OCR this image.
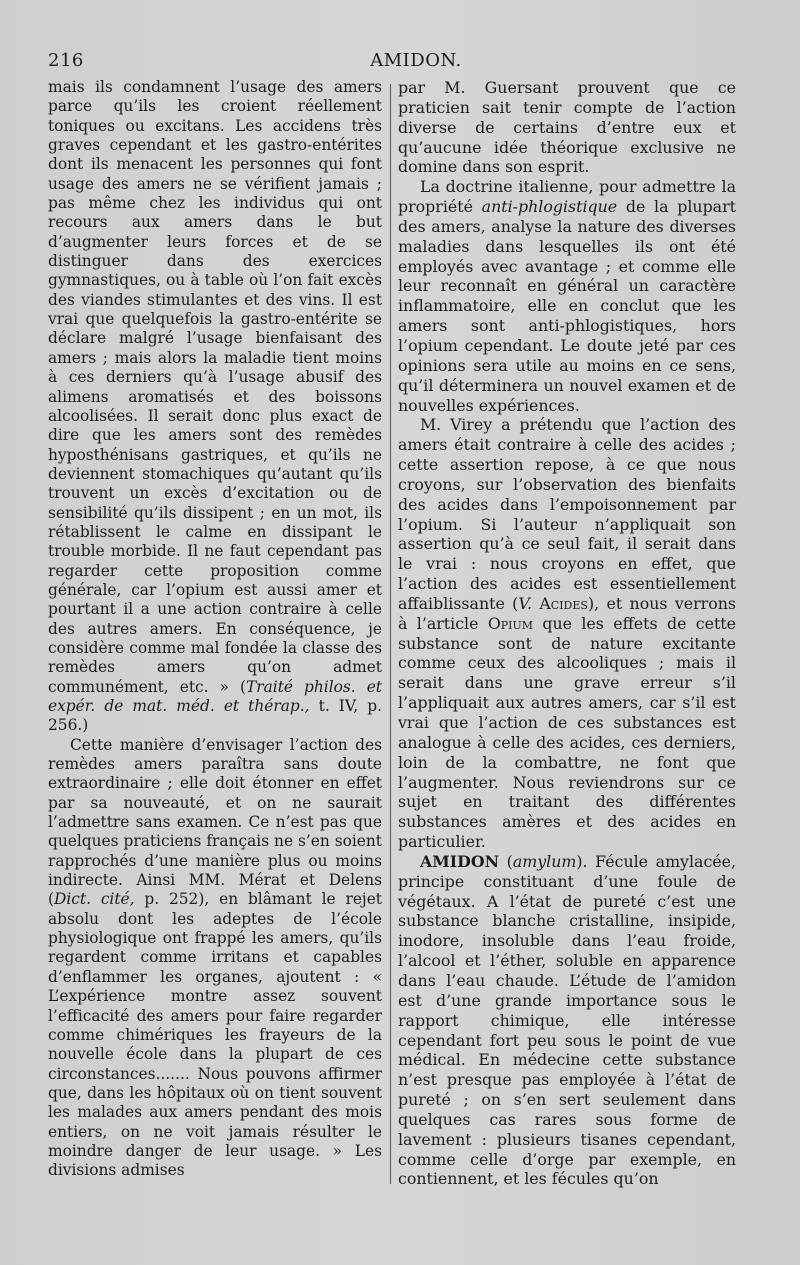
216	AMIDON.

mais ils condamnent l’usage des amers parce qu’ils les croient réellement toniques ou excitans. Les accidens très graves cependant et les gastro-entérites dont ils menacent les personnes qui font usage des amers ne se vérifient jamais ; pas même chez les individus qui ont recours aux amers dans le but d’augmenter leurs forces et de se distinguer dans des exercices gymnastiques, ou à table où l’on fait excès des viandes stimulantes et des vins. Il est vrai que quelquefois la gastro-entérite se déclare malgré l’usage bienfaisant des amers ; mais alors la maladie tient moins à ces derniers qu’à l’usage abusif des alimens aromatisés et des boissons alcoolisées. Il serait donc plus exact de dire que les amers sont des remèdes hyposthénisans gastriques, et qu’ils ne deviennent stomachiques qu’autant qu’ils trouvent un excès d’excitation ou de sensibilité qu’ils dissipent ; en un mot, ils rétablissent le calme en dissipant le trouble morbide. Il ne faut cependant pas regarder cette proposition comme générale, car l’opium est aussi amer et pourtant il a une action contraire à celle des autres amers. En conséquence, je considère comme mal fondée la classe des remèdes amers qu’on admet communément, etc. » (Traité philos. et expér. de mat. méd. et thérap., t. IV, p. 256.)

Cette manière d’envisager l’action des remèdes amers paraîtra sans doute extraordinaire ; elle doit étonner en effet par sa nouveauté, et on ne saurait l’admettre sans examen. Ce n’est pas que quelques praticiens français ne s’en soient rapprochés d’une manière plus ou moins indirecte. Ainsi MM. Mérat et Delens (Dict. cité, p. 252), en blâmant le rejet absolu dont les adeptes de l’école physiologique ont frappé les amers, qu’ils regardent comme irritans et capables d’enflammer les organes, ajoutent : « L’expérience montre assez souvent l’efficacité des amers pour faire regarder comme chimériques les frayeurs de la nouvelle école dans la plupart de ces circonstances....... Nous pouvons affirmer que, dans les hôpitaux où on tient souvent les malades aux amers pendant des mois entiers, on ne voit jamais résulter le moindre danger de leur usage. » Les divisions admises

par M. Guersant prouvent que ce praticien sait tenir compte de l’action diverse de certains d’entre eux et qu’aucune idée théorique exclusive ne domine dans son esprit.

La doctrine italienne, pour admettre la propriété anti-phlogistique de la plupart des amers, analyse la nature des diverses maladies dans lesquelles ils ont été employés avec avantage ; et comme elle leur reconnaît en général un caractère inflammatoire, elle en conclut que les amers sont anti-phlogistiques, hors l’opium cependant. Le doute jeté par ces opinions sera utile au moins en ce sens, qu’il déterminera un nouvel examen et de nouvelles expériences.

M. Virey a prétendu que l’action des amers était contraire à celle des acides ; cette assertion repose, à ce que nous croyons, sur l’observation des bienfaits des acides dans l’empoisonnement par l’opium. Si l’auteur n’appliquait son assertion qu’à ce seul fait, il serait dans le vrai : nous croyons en effet, que l’action des acides est essentiellement affaiblissante (V. Acides), et nous verrons à l’article Opium que les effets de cette substance sont de nature excitante comme ceux des alcooliques ; mais il serait dans une grave erreur s’il l’appliquait aux autres amers, car s’il est vrai que l’action de ces substances est analogue à celle des acides, ces derniers, loin de la combattre, ne font que l’augmenter. Nous reviendrons sur ce sujet en traitant des différentes substances amères et des acides en particulier.

AMIDON (amylum). Fécule amylacée, principe constituant d’une foule de végétaux. A l’état de pureté c’est une substance blanche cristalline, insipide, inodore, insoluble dans l’eau froide, l’alcool et l’éther, soluble en apparence dans l’eau chaude. L’étude de l’amidon est d’une grande importance sous le rapport chimique, elle intéresse cependant fort peu sous le point de vue médical. En médecine cette substance n’est presque pas employée à l’état de pureté ; on s’en sert seulement dans quelques cas rares sous forme de lavement : plusieurs tisanes cependant, comme celle d’orge par exemple, en contiennent, et les fécules qu’on
